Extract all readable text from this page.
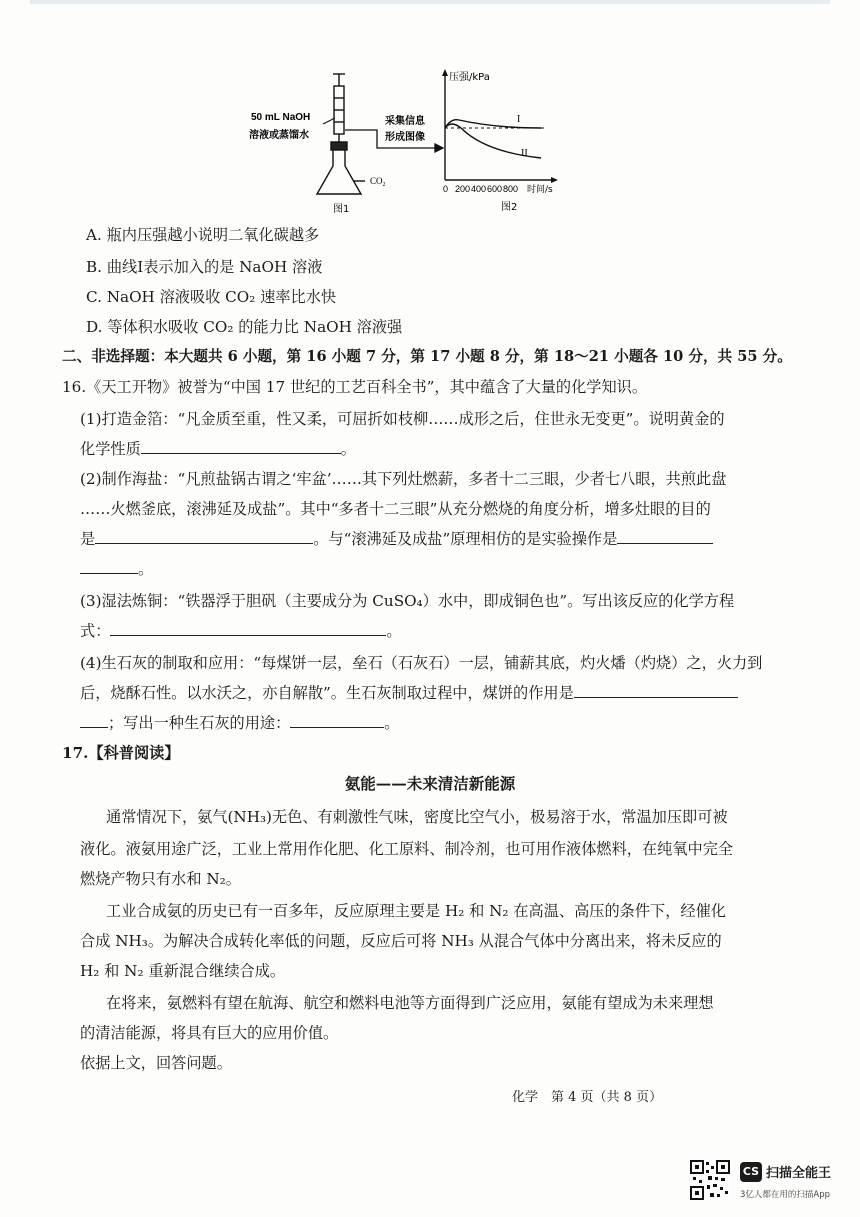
$CO_2$
50 mL NaOH
溶液或蒸馏水
采集信息
形成图像
图1
I
II
压强/kPa
0 200 400 600 800 时间/s
图2
A. 瓶内压强越小说明二氧化碳越多
B. 曲线Ⅰ表示加入的是 NaOH 溶液
C. NaOH 溶液吸收 CO₂ 速率比水快
D. 等体积水吸收 CO₂ 的能力比 NaOH 溶液强
二、非选择题：本大题共 6 小题，第 16 小题 7 分，第 17 小题 8 分，第 18～21 小题各 10 分，共 55 分。
16.《天工开物》被誉为“中国 17 世纪的工艺百科全书”，其中蕴含了大量的化学知识。
(1)打造金箔：“凡金质至重，性又柔，可屈折如枝柳……成形之后，住世永无变更”。说明黄金的
化学性质	。
(2)制作海盐：“凡煎盐锅古谓之‘牢盆’……其下列灶燃薪，多者十二三眼，少者七八眼，共煎此盘
……火燃釜底，滚沸延及成盐”。其中“多者十二三眼”从充分燃烧的角度分析，增多灶眼的目的
是	。与“滚沸延及成盐”原理相仿的是实验操作是
。
(3)湿法炼铜：“铁器浮于胆矾（主要成分为 CuSO₄）水中，即成铜色也”。写出该反应的化学方程
式：	。
(4)生石灰的制取和应用：“每煤饼一层，垒石（石灰石）一层，铺薪其底，灼火燔（灼烧）之，火力到
后，烧酥石性。以水沃之，亦自解散”。生石灰制取过程中，煤饼的作用是
；写出一种生石灰的用途：	。
17.【科普阅读】
氨能——未来清洁新能源
通常情况下，氨气(NH₃)无色、有刺激性气味，密度比空气小，极易溶于水，常温加压即可被
液化。液氨用途广泛，工业上常用作化肥、化工原料、制冷剂，也可用作液体燃料，在纯氧中完全
燃烧产物只有水和 N₂。
工业合成氨的历史已有一百多年，反应原理主要是 H₂ 和 N₂ 在高温、高压的条件下，经催化
合成 NH₃。为解决合成转化率低的问题，反应后可将 NH₃ 从混合气体中分离出来，将未反应的
H₂ 和 N₂ 重新混合继续合成。
在将来，氨燃料有望在航海、航空和燃料电池等方面得到广泛应用，氨能有望成为未来理想
的清洁能源，将具有巨大的应用价值。
依据上文，回答问题。
化学　第 4 页（共 8 页）
CS 扫描全能王
3亿人都在用的扫描App
